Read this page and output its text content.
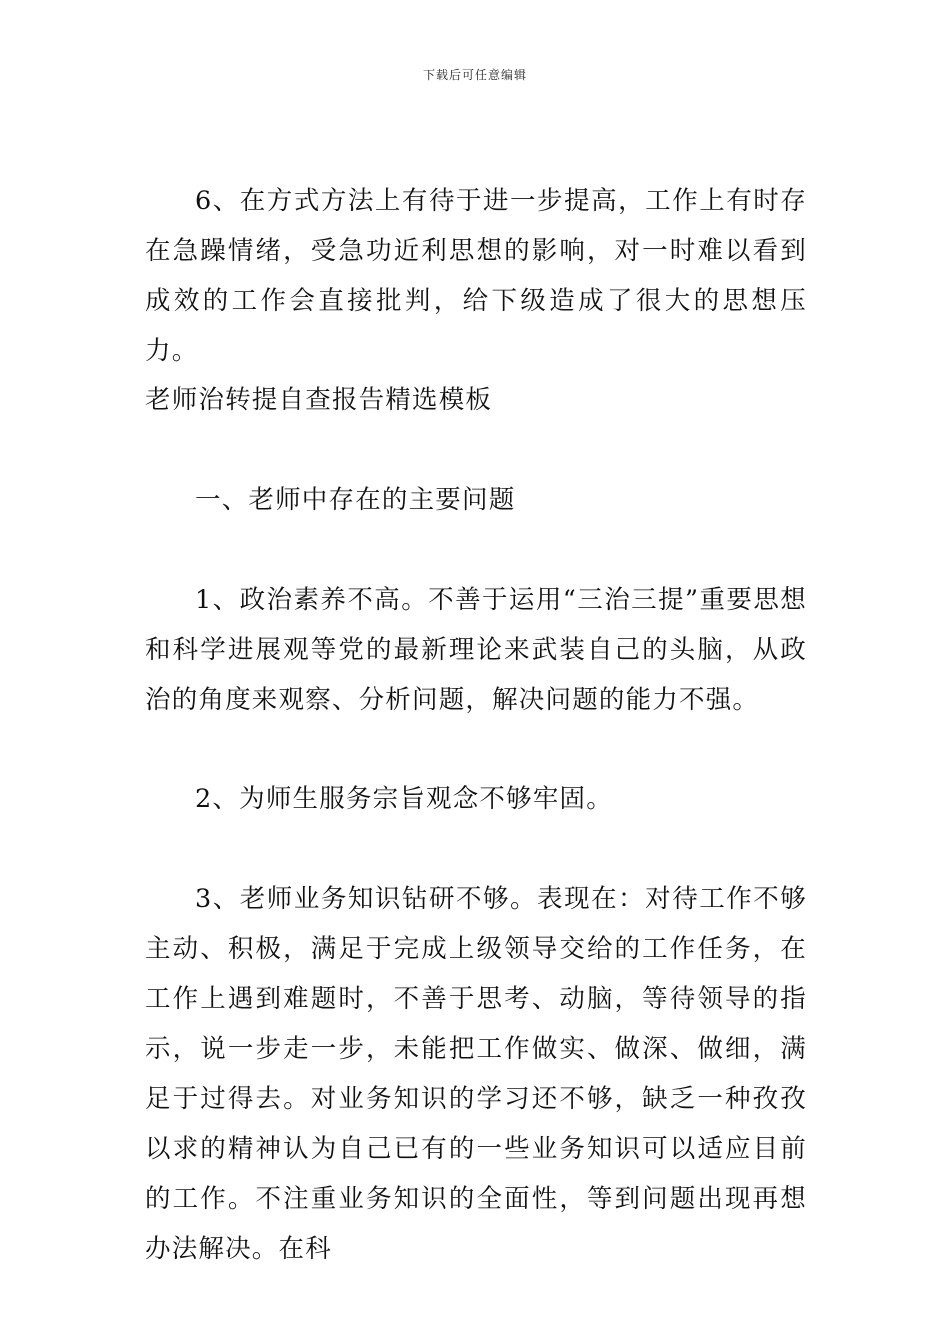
下载后可任意编辑

6、在方式方法上有待于进一步提高，工作上有时存在急躁情绪，受急功近利思想的影响，对一时难以看到成效的工作会直接批判，给下级造成了很大的思想压力。

老师治转提自查报告精选模板

一、老师中存在的主要问题

1、政治素养不高。不善于运用“三治三提”重要思想和科学进展观等党的最新理论来武装自己的头脑，从政治的角度来观察、分析问题，解决问题的能力不强。

2、为师生服务宗旨观念不够牢固。

3、老师业务知识钻研不够。表现在：对待工作不够主动、积极，满足于完成上级领导交给的工作任务，在工作上遇到难题时，不善于思考、动脑，等待领导的指示，说一步走一步，未能把工作做实、做深、做细，满足于过得去。对业务知识的学习还不够，缺乏一种孜孜以求的精神认为自己已有的一些业务知识可以适应目前的工作。不注重业务知识的全面性，等到问题出现再想办法解决。在科
